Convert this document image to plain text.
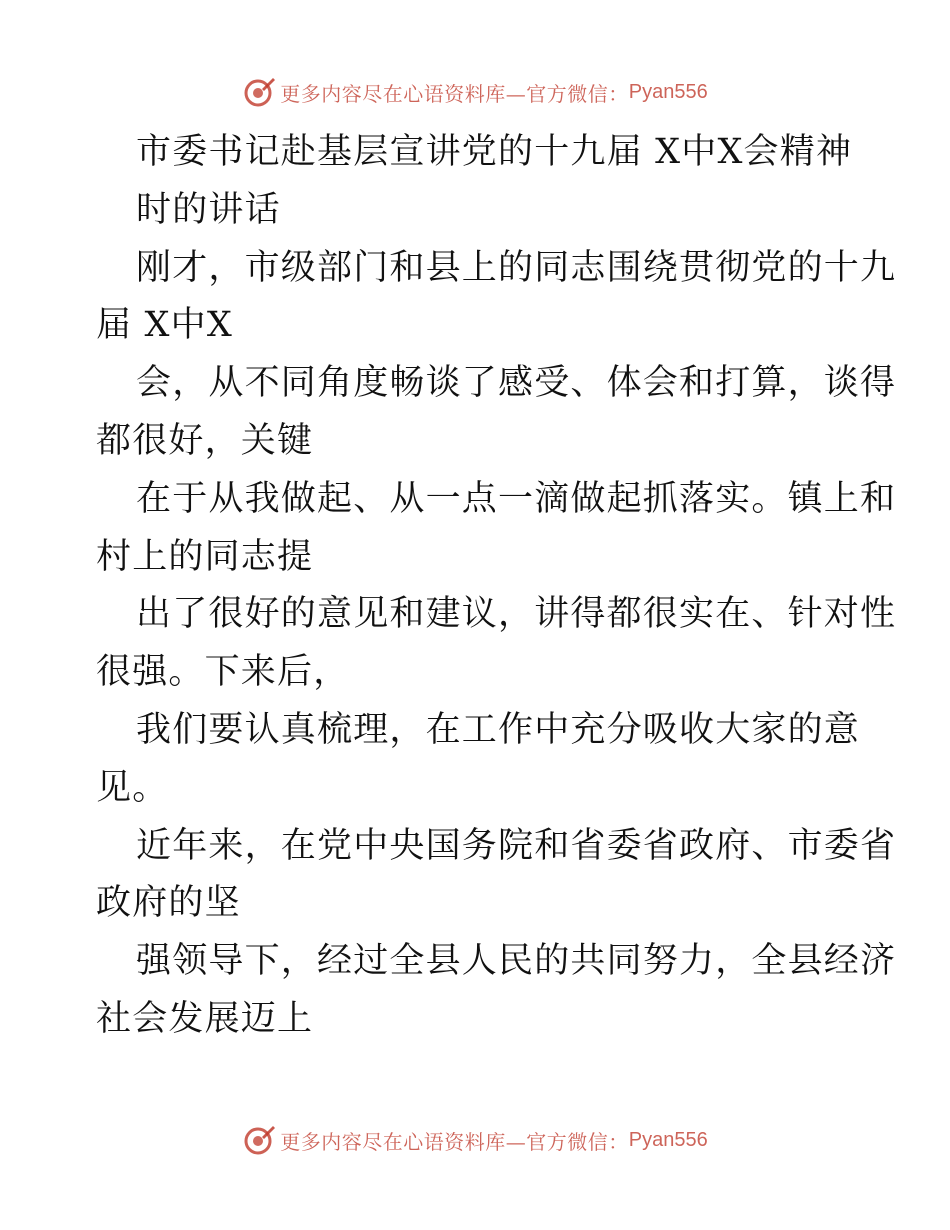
更多内容尽在心语资料库—官方微信： Pyan556
市委书记赴基层宣讲党的十九届 X中X会精神
时的讲话
刚才，市级部门和县上的同志围绕贯彻党的十九
届 X中X
会，从不同角度畅谈了感受、体会和打算，谈得
都很好，关键
在于从我做起、从一点一滴做起抓落实。镇上和
村上的同志提
出了很好的意见和建议，讲得都很实在、针对性
很强。下来后，
我们要认真梳理，在工作中充分吸收大家的意
见。
近年来，在党中央国务院和省委省政府、市委省
政府的坚
强领导下，经过全县人民的共同努力，全县经济
社会发展迈上
更多内容尽在心语资料库—官方微信： Pyan556
